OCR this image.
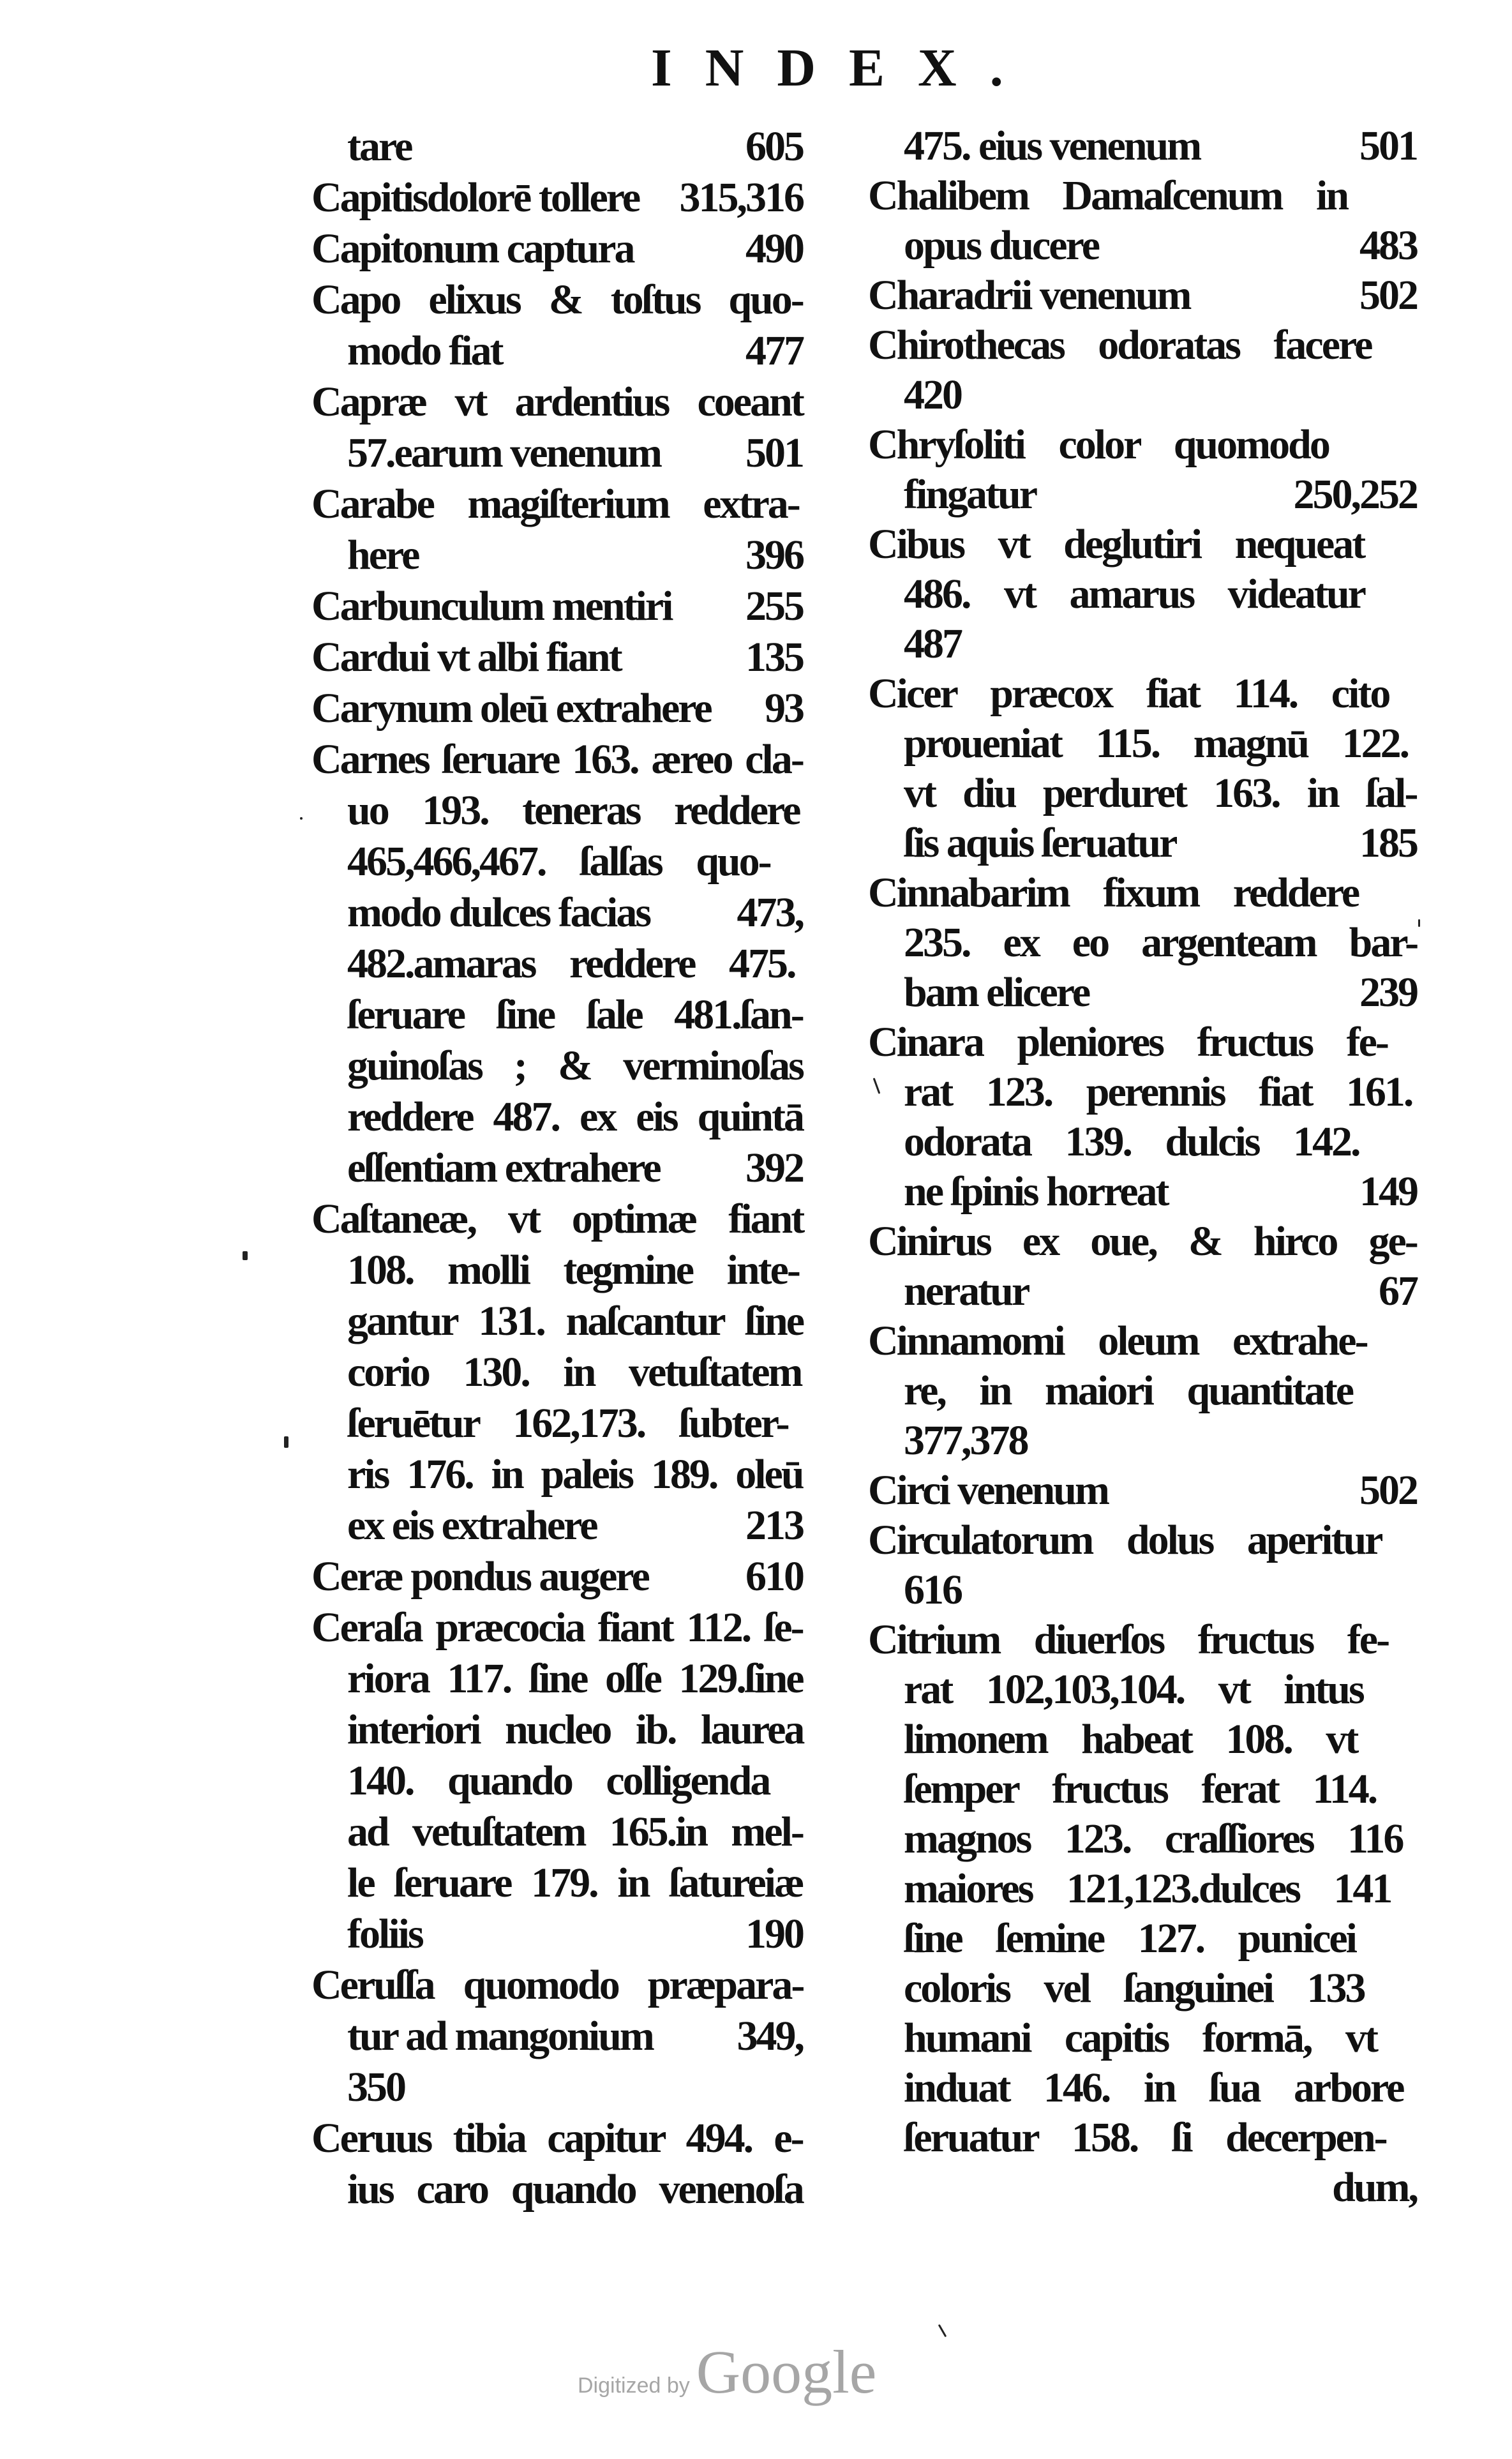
INDEX.
tare	605
Capitisdolorē tollere 315,316
Capitonum captura	490
Capo elixus & toſtus quo-
modo fiat	477
Capræ vt ardentius coeant
57.earum venenum 501
Carabe magiſterium extra-
here	396
Carbunculum mentiri 255
Cardui vt albi fiant	135
Carynum oleū extrahere 93
Carnes ſeruare 163. æreo cla-
uo 193. teneras reddere
465,466,467. ſalſas quo-
modo dulces facias 473,
482.amaras reddere 475.
ſeruare ſine ſale 481.ſan-
guinoſas ; & verminoſas
reddere 487. ex eis quintā
eſſentiam extrahere 392
Caſtaneæ, vt optimæ fiant
108. molli tegmine inte-
gantur 131. naſcantur ſine
corio 130. in vetuſtatem
ſeruētur 162,173. ſubter-
ris 176. in paleis 189. oleū
ex eis extrahere	213
Ceræ pondus augere 610
Ceraſa præcocia fiant 112. ſe-
riora 117. ſine oſſe 129.ſine
interiori nucleo ib. laurea
140. quando colligenda
ad vetuſtatem 165.in mel-
le ſeruare 179. in ſatureiæ
foliis	190
Ceruſſa quomodo præpara-
tur ad mangonium 349,
350
Ceruus tibia capitur 494. e-
ius caro quando venenoſa
475. eius venenum	501
Chalibem Damaſcenum in
opus ducere	483
Charadrii venenum	502
Chirothecas odoratas facere
420
Chryſoliti color quomodo
fingatur	250,252
Cibus vt deglutiri nequeat
486. vt amarus videatur
487
Cicer præcox fiat 114. cito
proueniat 115. magnū 122.
vt diu perduret 163. in ſal-
ſis aquis ſeruatur	185
Cinnabarim fixum reddere
235. ex eo argenteam bar-
bam elicere	239
Cinara pleniores fructus fe-
rat 123. perennis fiat 161.
odorata 139. dulcis 142.
ne ſpinis horreat	149
Cinirus ex oue, & hirco ge-
neratur	67
Cinnamomi oleum extrahe-
re, in maiori quantitate
377,378
Circi venenum	502
Circulatorum dolus aperitur
616
Citrium diuerſos fructus fe-
rat 102,103,104. vt intus
limonem habeat 108. vt
ſemper fructus ferat 114.
magnos 123. craſſiores 116
maiores 121,123.dulces 141
ſine ſemine 127. punicei
coloris vel ſanguinei 133
humani capitis formā, vt
induat 146. in ſua arbore
ſeruatur 158. ſi decerpen-
dum,
Digitized by Google
